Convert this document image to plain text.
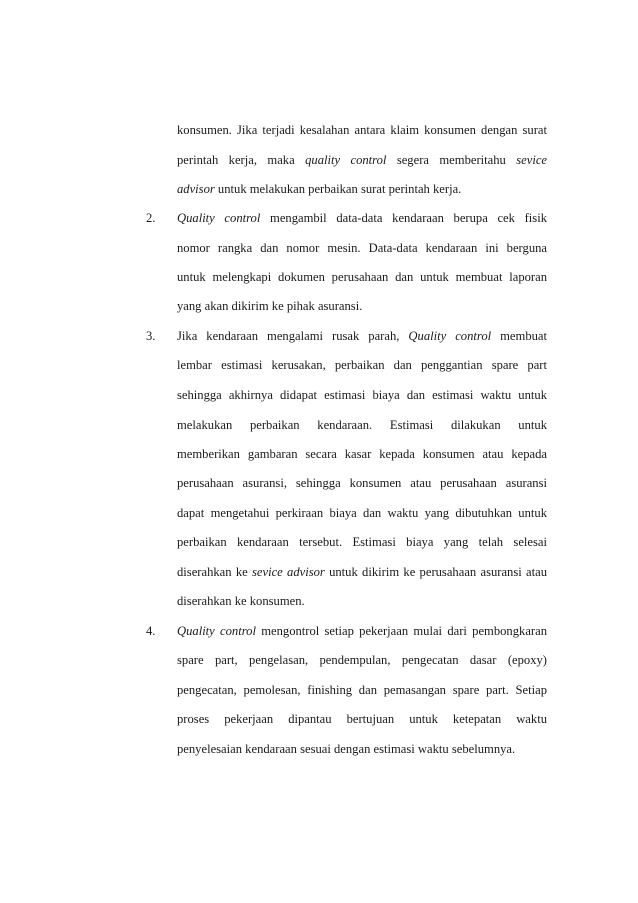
konsumen. Jika terjadi kesalahan antara klaim konsumen dengan surat
perintah kerja, maka quality control segera memberitahu sevice
advisor untuk melakukan perbaikan surat perintah kerja.
2. Quality control mengambil data-data kendaraan berupa cek fisik
nomor rangka dan nomor mesin. Data-data kendaraan ini berguna
untuk melengkapi dokumen perusahaan dan untuk membuat laporan
yang akan dikirim ke pihak asuransi.
3. Jika kendaraan mengalami rusak parah, Quality control membuat
lembar estimasi kerusakan, perbaikan dan penggantian spare part
sehingga akhirnya didapat estimasi biaya dan estimasi waktu untuk
melakukan perbaikan kendaraan. Estimasi dilakukan untuk
memberikan gambaran secara kasar kepada konsumen atau kepada
perusahaan asuransi, sehingga konsumen atau perusahaan asuransi
dapat mengetahui perkiraan biaya dan waktu yang dibutuhkan untuk
perbaikan kendaraan tersebut. Estimasi biaya yang telah selesai
diserahkan ke sevice advisor untuk dikirim ke perusahaan asuransi atau
diserahkan ke konsumen.
4. Quality control mengontrol setiap pekerjaan mulai dari pembongkaran
spare part, pengelasan, pendempulan, pengecatan dasar (epoxy)
pengecatan, pemolesan, finishing dan pemasangan spare part. Setiap
proses pekerjaan dipantau bertujuan untuk ketepatan waktu
penyelesaian kendaraan sesuai dengan estimasi waktu sebelumnya.
